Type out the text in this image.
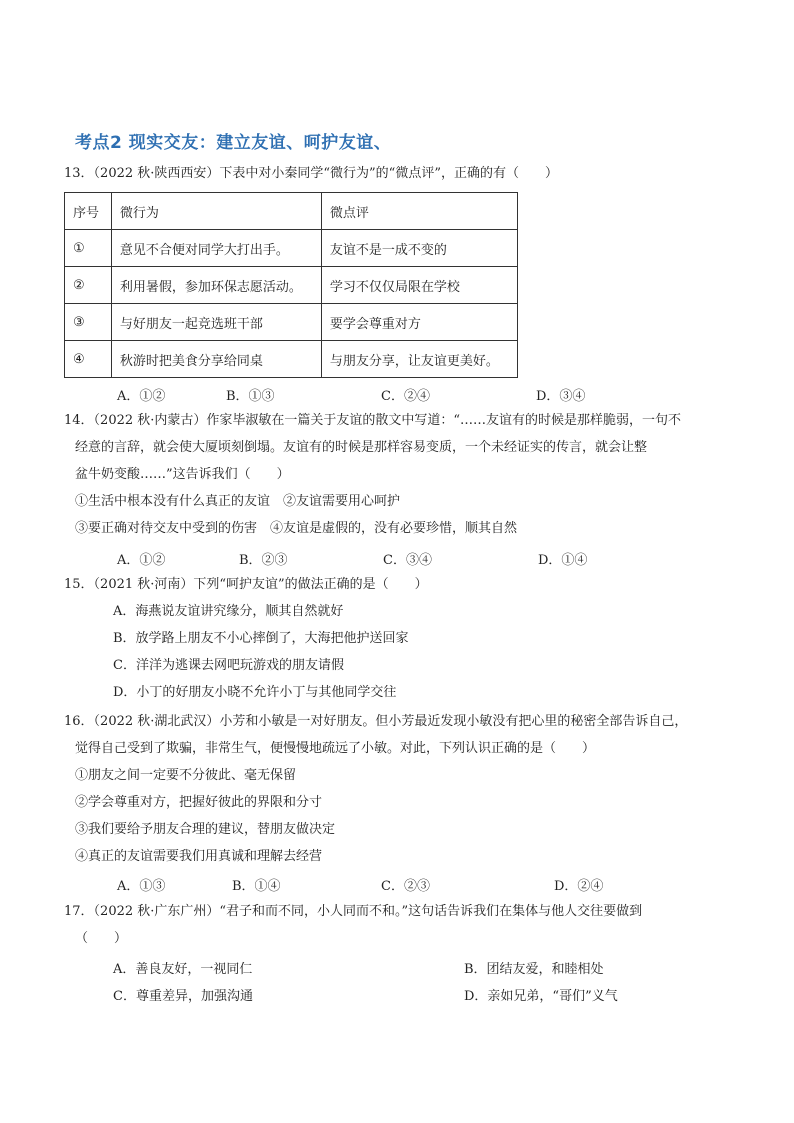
考点2 现实交友：建立友谊、呵护友谊、
13．（2022 秋·陕西西安）下表中对小秦同学“微行为”的“微点评”，正确的有（　　）
序号	微行为	微点评
①	意见不合便对同学大打出手。	友谊不是一成不变的
②	利用暑假，参加环保志愿活动。	学习不仅仅局限在学校
③	与好朋友一起竞选班干部	要学会尊重对方
④	秋游时把美食分享给同桌	与朋友分享，让友谊更美好。
A．①②	B．①③	C．②④	D．③④
14．（2022 秋·内蒙古）作家毕淑敏在一篇关于友谊的散文中写道：“……友谊有的时候是那样脆弱，一句不
经意的言辞，就会使大厦顷刻倒塌。友谊有的时候是那样容易变质，一个未经证实的传言，就会让整
盆牛奶变酸……”这告诉我们（　　）
①生活中根本没有什么真正的友谊　②友谊需要用心呵护
③要正确对待交友中受到的伤害　④友谊是虚假的，没有必要珍惜，顺其自然
A．①②	B．②③	C．③④	D．①④
15．（2021 秋·河南）下列“呵护友谊”的做法正确的是（　　）
A．海燕说友谊讲究缘分，顺其自然就好
B．放学路上朋友不小心摔倒了，大海把他护送回家
C．洋洋为逃课去网吧玩游戏的朋友请假
D．小丁的好朋友小晓不允许小丁与其他同学交往
16．（2022 秋·湖北武汉）小芳和小敏是一对好朋友。但小芳最近发现小敏没有把心里的秘密全部告诉自己，
觉得自己受到了欺骗，非常生气，便慢慢地疏远了小敏。对此，下列认识正确的是（　　）
①朋友之间一定要不分彼此、毫无保留
②学会尊重对方，把握好彼此的界限和分寸
③我们要给予朋友合理的建议，替朋友做决定
④真正的友谊需要我们用真诚和理解去经营
A．①③	B．①④	C．②③	D．②④
17．（2022 秋·广东广州）“君子和而不同，小人同而不和。”这句话告诉我们在集体与他人交往要做到
（　　）
A．善良友好，一视同仁	B．团结友爱，和睦相处
C．尊重差异，加强沟通	D．亲如兄弟，“哥们”义气
